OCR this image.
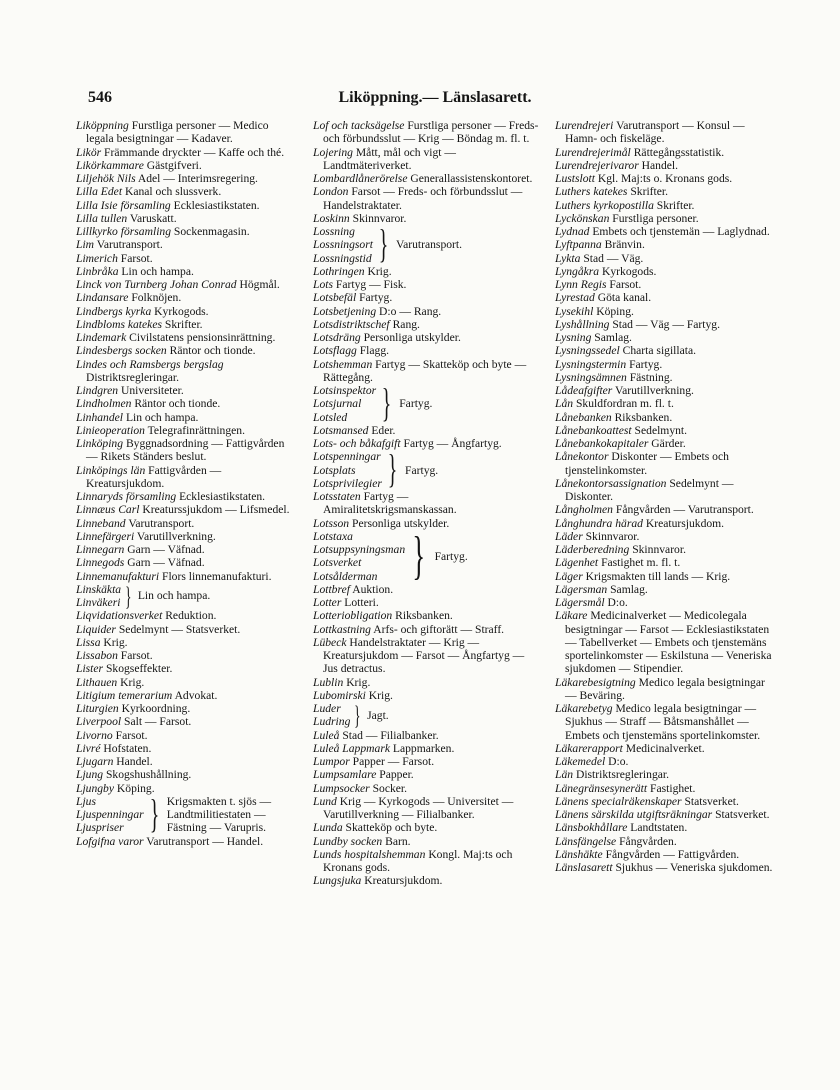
546	Liköppning.— Länslasarett.

Liköppning Furstliga personer — Medico legala besigtningar — Kadaver.

Likör Främmande dryckter — Kaffe och thé.

Likörkammare Gästgifveri.

Liljehök Nils Adel — Interimsregering.

Lilla Edet Kanal och slussverk.

Lilla Isie församling Ecklesiastikstaten.

Lilla tullen Varuskatt.

Lillkyrko församling Sockenmagasin.

Lim Varutransport.

Limerich Farsot.

Linbråka Lin och hampa.

Linck von Turnberg Johan Conrad Högmål.

Lindansare Folknöjen.

Lindbergs kyrka Kyrkogods.

Lindbloms katekes Skrifter.

Lindemark Civilstatens pensionsinrättning.

Lindesbergs socken Räntor och tionde.

Lindes och Ramsbergs bergslag Distriktsregleringar.

Lindgren Universiteter.

Lindholmen Räntor och tionde.

Linhandel Lin och hampa.

Linieoperation Telegrafinrättningen.

Linköping Byggnadsordning — Fattigvården — Rikets Ständers beslut.

Linköpings län Fattigvården — Kreatursjukdom.

Linnaryds församling Ecklesiastikstaten.

Linnæus Carl Kreaturssjukdom — Lifsmedel.

Linneband Varutransport.

Linnefärgeri Varutillverkning.

Linnegarn Garn — Väfnad.

Linnegods Garn — Väfnad.

Linnemanufakturi Flors linnemanufakturi.

Linskäkta
Linväkeri } Lin och hampa.

Liqvidationsverket Reduktion.

Liquider Sedelmynt — Statsverket.

Lissa Krig.

Lissabon Farsot.

Lister Skogseffekter.

Lithauen Krig.

Litigium temerarium Advokat.

Liturgien Kyrkoordning.

Liverpool Salt — Farsot.

Livorno Farsot.

Livré Hofstaten.

Ljugarn Handel.

Ljung Skogshushållning.

Ljungby Köping.

Ljus
Ljuspenningar
Ljuspriser } Krigsmakten t. sjös —
Landtmilitiestaten —
Fästning — Varupris.

Lofgifna varor Varutransport — Handel.

Lof och tacksägelse Furstliga personer — Freds- och förbundsslut — Krig — Böndag m. fl. t.

Lojering Mått, mål och vigt — Landtmäteriverket.

Lombardlånerörelse Generallassistenskontoret.

London Farsot — Freds- och förbundsslut — Handelstraktater.

Loskinn Skinnvaror.

Lossning
Lossningsort
Lossningstid } Varutransport.

Lothringen Krig.

Lots Fartyg — Fisk.

Lotsbefäl Fartyg.

Lotsbetjening D:o — Rang.

Lotsdistriktschef Rang.

Lotsdräng Personliga utskylder.

Lotsflagg Flagg.

Lotshemman Fartyg — Skatteköp och byte — Rättegång.

Lotsinspektor
Lotsjurnal
Lotsled } Fartyg.

Lotsmansed Eder.

Lots- och båkafgift Fartyg — Ångfartyg.

Lotspenningar
Lotsplats
Lotsprivilegier } Fartyg.

Lotsstaten Fartyg — Amiralitetskrigsmanskassan.

Lotsson Personliga utskylder.

Lotstaxa
Lotsuppsyningsman
Lotsverket
Lotsålderman } Fartyg.

Lottbref Auktion.

Lotter Lotteri.

Lotteriobligation Riksbanken.

Lottkastning Arfs- och giftorätt — Straff.

Lübeck Handelstraktater — Krig — Kreatursjukdom — Farsot — Ångfartyg — Jus detractus.

Lublin Krig.

Lubomirski Krig.

Luder
Ludring } Jagt.

Luleå Stad — Filialbanker.

Luleå Lappmark Lappmarken.

Lumpor Papper — Farsot.

Lumpsamlare Papper.

Lumpsocker Socker.

Lund Krig — Kyrkogods — Universitet — Varutillverkning — Filialbanker.

Lunda Skatteköp och byte.

Lundby socken Barn.

Lunds hospitalshemman Kongl. Maj:ts och Kronans gods.

Lungsjuka Kreatursjukdom.

Lurendrejeri Varutransport — Konsul — Hamn- och fiskeläge.

Lurendrejerimål Rättegångsstatistik.

Lurendrejerivaror Handel.

Lustslott Kgl. Maj:ts o. Kronans gods.

Luthers katekes Skrifter.

Luthers kyrkopostilla Skrifter.

Lyckönskan Furstliga personer.

Lydnad Embets och tjenstemän — Laglydnad.

Lyftpanna Bränvin.

Lykta Stad — Väg.

Lyngåkra Kyrkogods.

Lynn Regis Farsot.

Lyrestad Göta kanal.

Lysekihl Köping.

Lyshållning Stad — Väg — Fartyg.

Lysning Samlag.

Lysningssedel Charta sigillata.

Lysningstermin Fartyg.

Lysningsämnen Fästning.

Lådeafgifter Varutillverkning.

Lån Skuldfordran m. fl. t.

Lånebanken Riksbanken.

Lånebankoattest Sedelmynt.

Lånebankokapitaler Gärder.

Lånekontor Diskonter — Embets och tjenstelinkomster.

Lånekontorsassignation Sedelmynt — Diskonter.

Långholmen Fångvården — Varutransport.

Långhundra härad Kreatursjukdom.

Läder Skinnvaror.

Läderberedning Skinnvaror.

Lägenhet Fastighet m. fl. t.

Läger Krigsmakten till lands — Krig.

Lägersman Samlag.

Lägersmål D:o.

Läkare Medicinalverket — Medicolegala besigtningar — Farsot — Ecklesiastikstaten — Tabellverket — Embets och tjenstemäns sportelinkomster — Eskilstuna — Veneriska sjukdomen — Stipendier.

Läkarebesigtning Medico legala besigtningar — Beväring.

Läkarebetyg Medico legala besigtningar — Sjukhus — Straff — Båtsmanshållet — Embets och tjenstemäns sportelinkomster.

Läkarerapport Medicinalverket.

Läkemedel D:o.

Län Distriktsregleringar.

Länegränsesynerätt Fastighet.

Länens specialräkenskaper Statsverket.

Länens särskilda utgiftsräkningar Statsverket.

Länsbokhållare Landtstaten.

Länsfängelse Fångvården.

Länshäkte Fångvården — Fattigvården.

Länslasarett Sjukhus — Veneriska sjukdomen.
